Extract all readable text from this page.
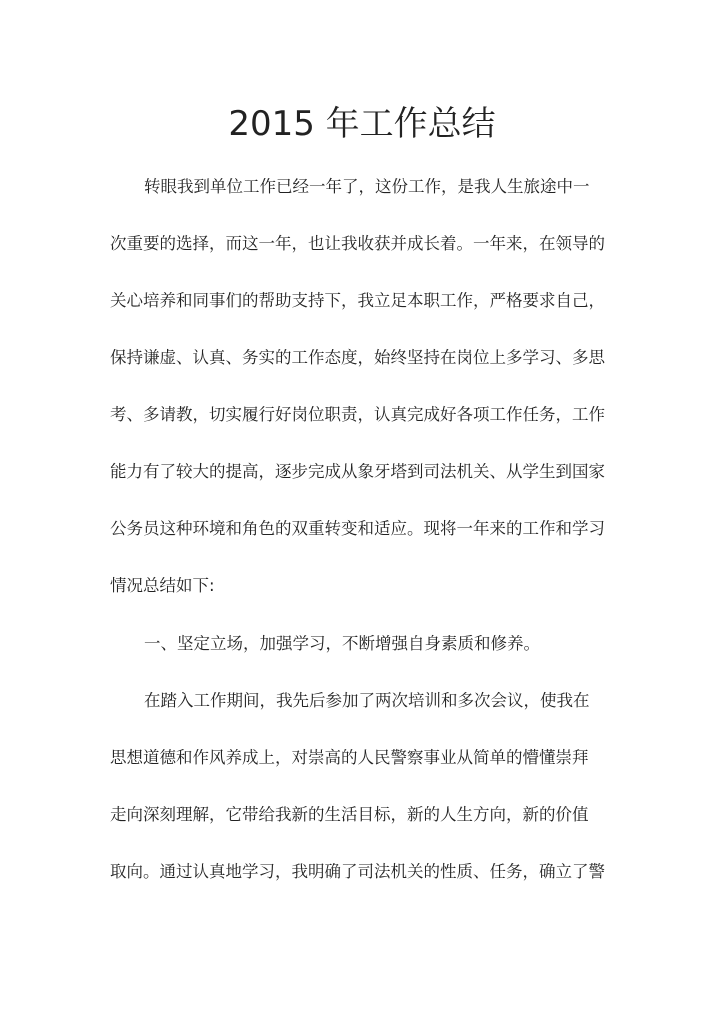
2015 年工作总结
转眼我到单位工作已经一年了，这份工作，是我人生旅途中一
次重要的选择，而这一年，也让我收获并成长着。一年来，在领导的
关心培养和同事们的帮助支持下，我立足本职工作，严格要求自己，
保持谦虚、认真、务实的工作态度，始终坚持在岗位上多学习、多思
考、多请教，切实履行好岗位职责，认真完成好各项工作任务，工作
能力有了较大的提高，逐步完成从象牙塔到司法机关、从学生到国家
公务员这种环境和角色的双重转变和适应。现将一年来的工作和学习
情况总结如下:
一、坚定立场，加强学习，不断增强自身素质和修养。
在踏入工作期间，我先后参加了两次培训和多次会议，使我在
思想道德和作风养成上，对崇高的人民警察事业从简单的懵懂崇拜
走向深刻理解，它带给我新的生活目标，新的人生方向，新的价值
取向。通过认真地学习，我明确了司法机关的性质、任务，确立了警
